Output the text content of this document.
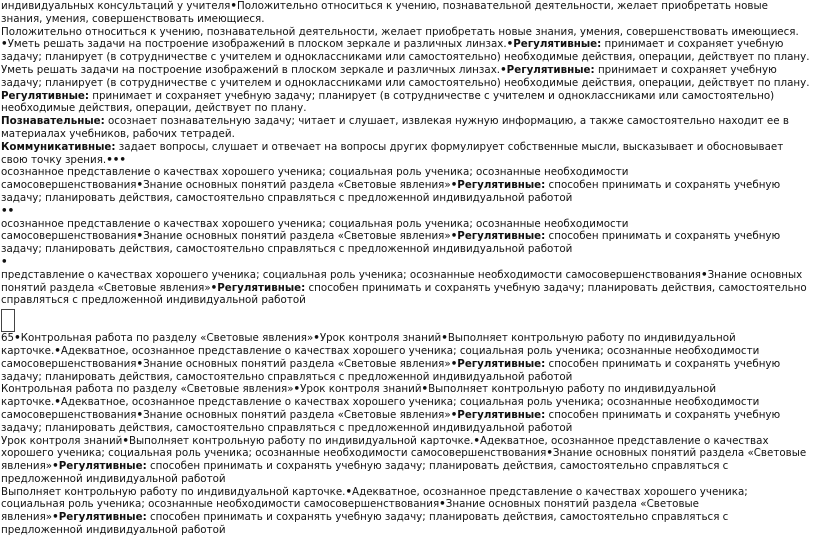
индивидуальных консультаций у учителя•Положительно относиться к учению, познавательной деятельности, желает приобретать новые знания, умения, совершенствовать имеющиеся.

Положительно относиться к учению, познавательной деятельности, желает приобретать новые знания, умения, совершенствовать имеющиеся.

•Уметь решать задачи на построение изображений в плоском зеркале и различных линзах.•Регулятивные: принимает и сохраняет учебную задачу; планирует (в сотрудничестве с учителем и одноклассниками или самостоятельно) необходимые действия, операции, действует по плану.

Уметь решать задачи на построение изображений в плоском зеркале и различных линзах.•Регулятивные: принимает и сохраняет учебную задачу; планирует (в сотрудничестве с учителем и одноклассниками или самостоятельно) необходимые действия, операции, действует по плану.

Регулятивные: принимает и сохраняет учебную задачу; планирует (в сотрудничестве с учителем и одноклассниками или самостоятельно) необходимые действия, операции, действует по плану.

Познавательные: осознает познавательную задачу; читает и слушает, извлекая нужную информацию, а также самостоятельно находит ее в материалах учебников, рабочих тетрадей.

Коммуникативные: задает вопросы, слушает и отвечает на вопросы других формулирует собственные мысли, высказывает и обосновывает свою точку зрения.•••

осознанное представление о качествах хорошего ученика; социальная роль ученика; осознанные необходимости самосовершенствования•Знание основных понятий раздела «Световые явления»•Регулятивные: способен принимать и сохранять учебную задачу; планировать действия, самостоятельно справляться с предложенной индивидуальной работой

••

осознанное представление о качествах хорошего ученика; социальная роль ученика; осознанные необходимости самосовершенствования•Знание основных понятий раздела «Световые явления»•Регулятивные: способен принимать и сохранять учебную задачу; планировать действия, самостоятельно справляться с предложенной индивидуальной работой

•

представление о качествах хорошего ученика; социальная роль ученика; осознанные необходимости самосовершенствования•Знание основных понятий раздела «Световые явления»•Регулятивные: способен принимать и сохранять учебную задачу; планировать действия, самостоятельно справляться с предложенной индивидуальной работой

65•Контрольная работа по разделу «Световые явления»•Урок контроля знаний•Выполняет контрольную работу по индивидуальной карточке.•Адекватное, осознанное представление о качествах хорошего ученика; социальная роль ученика; осознанные необходимости самосовершенствования•Знание основных понятий раздела «Световые явления»•Регулятивные: способен принимать и сохранять учебную задачу; планировать действия, самостоятельно справляться с предложенной индивидуальной работой

Контрольная работа по разделу «Световые явления»•Урок контроля знаний•Выполняет контрольную работу по индивидуальной карточке.•Адекватное, осознанное представление о качествах хорошего ученика; социальная роль ученика; осознанные необходимости самосовершенствования•Знание основных понятий раздела «Световые явления»•Регулятивные: способен принимать и сохранять учебную задачу; планировать действия, самостоятельно справляться с предложенной индивидуальной работой

Урок контроля знаний•Выполняет контрольную работу по индивидуальной карточке.•Адекватное, осознанное представление о качествах хорошего ученика; социальная роль ученика; осознанные необходимости самосовершенствования•Знание основных понятий раздела «Световые явления»•Регулятивные: способен принимать и сохранять учебную задачу; планировать действия, самостоятельно справляться с предложенной индивидуальной работой

Выполняет контрольную работу по индивидуальной карточке.•Адекватное, осознанное представление о качествах хорошего ученика; социальная роль ученика; осознанные необходимости самосовершенствования•Знание основных понятий раздела «Световые явления»•Регулятивные: способен принимать и сохранять учебную задачу; планировать действия, самостоятельно справляться с предложенной индивидуальной работой
